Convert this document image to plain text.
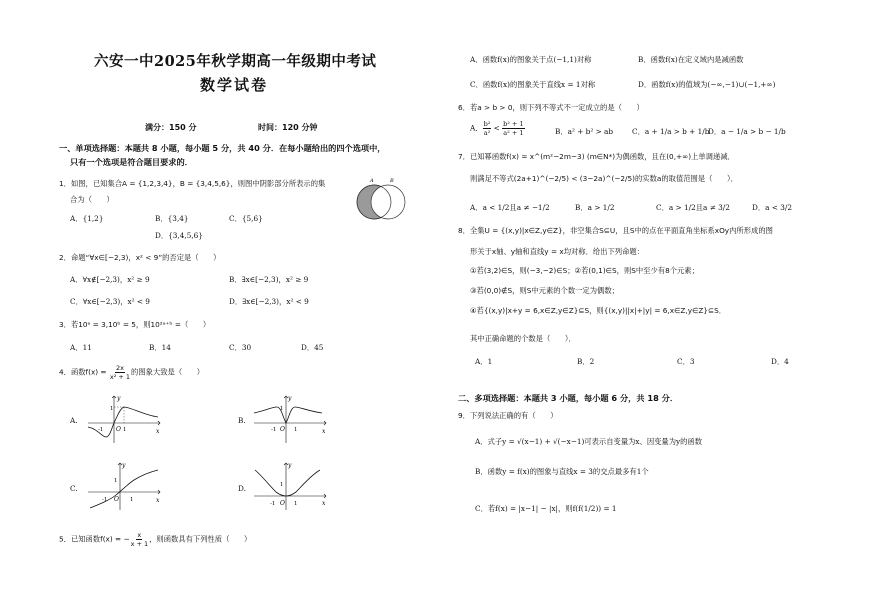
六安一中2025年秋学期高一年级期中考试
数学试卷
满分：150 分	时间：120 分钟
一、单项选择题：本题共 8 小题，每小题 5 分，共 40 分．在每小题给出的四个选项中，
只有一个选项是符合题目要求的．
1．如图，已知集合A = {1,2,3,4}，B = {3,4,5,6}，则图中阴影部分所表示的集
合为（　　）
A	B
A．{1,2}	B．{3,4}	C．{5,6}
D．{3,4,5,6}
2．命题“∀x∈[−2,3)，x² < 9”的否定是（　　）
A．∀x∉[−2,3)，x² ≥ 9	B．∃x∈[−2,3)，x² ≥ 9
C．∀x∈[−2,3)，x² < 9	D．∃x∈[−2,3)，x² < 9
3．若10ᵃ = 3,10ᵇ = 5，则10²ᵃ⁺ᵇ =（　　）
A．11	B．14	C．30	D．45
4．函数$f(x) = \frac{2x}{\text{x² + 1}}$ 的图象大致是（　　）
A.
y
x
1
-1 O 1
B.
y
x
1
-1 O 1
C.
y
x
1
-1 O 1
D.
y
x
1
-1 O 1
5．已知函数f(x) = − $\frac{x}{x + 1}$ ，则函数具有下列性质（　　）
A．函数f(x)的图象关于点(−1,1)对称	B．函数f(x)在定义域内是减函数
C．函数f(x)的图象关于直线x = 1对称	D．函数f(x)的值域为(−∞,−1)∪(−1,+∞)
6．若a > b > 0，则下列不等式不一定成立的是（　　）
A． $\frac{\text{b²}}{\text{a²}} < \frac{\text{b² + 1}}{\text{a² + 1}}$	B．a² + b² > ab	C．a + 1/a > b + 1/b
D．a − 1/a > b − 1/b
7．已知幂函数f(x) = x^(m²−2m−3) (m∈N*)为偶函数，且在(0,+∞)上单调递减．
则满足不等式(2a+1)^(−2/5) < (3−2a)^(−2/5)的实数a的取值范围是（　　）．
A．a < 1/2且a ≠ −1/2	B．a > 1/2	C．a > 1/2且a ≠ 3/2	D．a < 3/2
8．全集U = {(x,y)|x∈Z,y∈Z}，非空集合S⊆U，且S中的点在平面直角坐标系xOy内所形成的图
形关于x轴、y轴和直线y = x均对称．给出下列命题：
①若(3,2)∈S，则(−3,−2)∈S；②若(0,1)∈S，则S中至少有8个元素；
③若(0,0)∉S，则S中元素的个数一定为偶数；
④若{(x,y)|x+y = 6,x∈Z,y∈Z}⊆S，则{(x,y)||x|+|y| = 6,x∈Z,y∈Z}⊆S．
其中正确命题的个数是（　　）．
A．1	B．2	C．3	D．4
二、多项选择题：本题共 3 小题，每小题 6 分，共 18 分．
9．下列说法正确的有（　　）
A．式子y = √(x−1) + √(−x−1)可表示自变量为x、因变量为y的函数
B．函数y = f(x)的图象与直线x = 3的交点最多有1个
C．若f(x) = |x−1| − |x|，则f(f(1/2)) = 1
